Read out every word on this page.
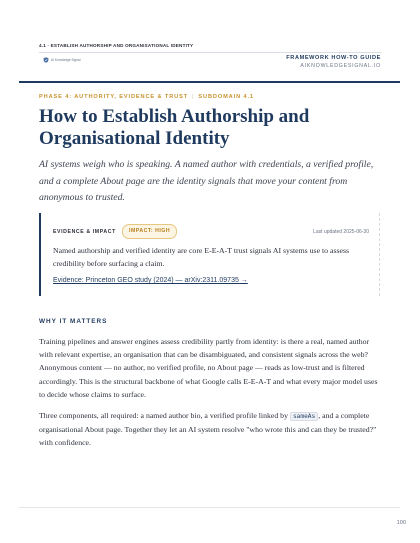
4.1 · ESTABLISH AUTHORSHIP AND ORGANISATIONAL IDENTITY
AI Knowledge Signal	FRAMEWORK HOW-TO GUIDE
AIKNOWLEDGESIGNAL.IO
PHASE 4: AUTHORITY, EVIDENCE & TRUST | SUBDOMAIN 4.1
How to Establish Authorship and Organisational Identity

AI systems weigh who is speaking. A named author with credentials, a verified profile, and a complete About page are the identity signals that move your content from anonymous to trusted.

EVIDENCE & IMPACT	IMPACT: HIGH	Last updated 2025-06-30

Named authorship and verified identity are core E-E-A-T trust signals AI systems use to assess credibility before surfacing a claim.

Evidence: Princeton GEO study (2024) — arXiv:2311.09735 →
WHY IT MATTERS

Training pipelines and answer engines assess credibility partly from identity: is there a real, named author with relevant expertise, an organisation that can be disambiguated, and consistent signals across the web? Anonymous content — no author, no verified profile, no About page — reads as low-trust and is filtered accordingly. This is the structural backbone of what Google calls E-E-A-T and what every major model uses to decide whose claims to surface.

Three components, all required: a named author bio, a verified profile linked by sameAs , and a complete organisational About page. Together they let an AI system resolve "who wrote this and can they be trusted?" with confidence.

100
